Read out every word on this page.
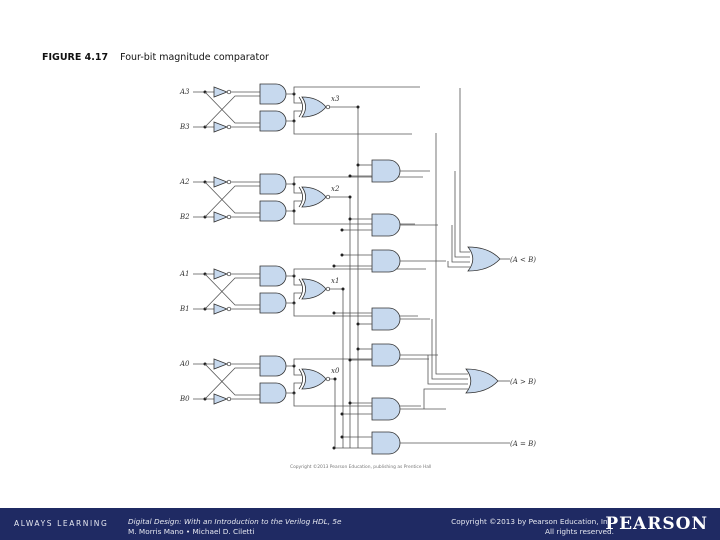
FIGURE 4.17 Four-bit magnitude comparator
A3
B3
x3
A2
B2
x2
A1
B1
x1
A0
B0
x0
(A < B)
(A > B)
(A = B)
Copyright ©2013 Pearson Education, publishing as Prentice Hall
ALWAYS LEARNING	Digital Design: With an Introduction to the Verilog HDL, 5e
M. Morris Mano • Michael D. Ciletti
Copyright ©2013 by Pearson Education, Inc.
All rights reserved.
PEARSON
